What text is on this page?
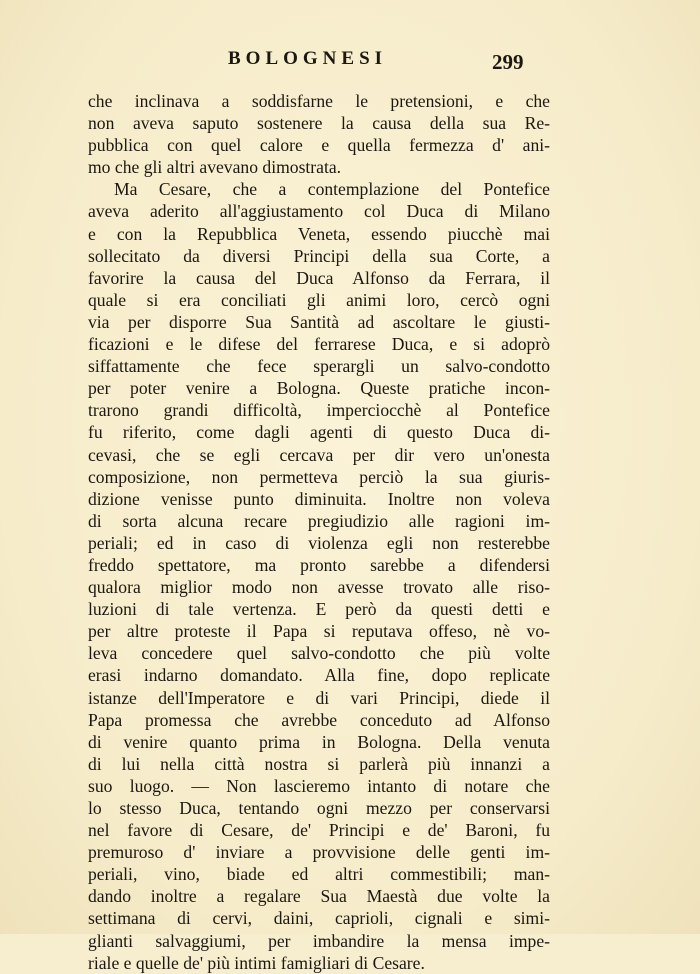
BOLOGNESI	299
che inclinava a soddisfarne le pretensioni, e che
non aveva saputo sostenere la causa della sua Re-
pubblica con quel calore e quella fermezza d' ani-
mo che gli altri avevano dimostrata.
Ma Cesare, che a contemplazione del Pontefice
aveva aderito all'aggiustamento col Duca di Milano
e con la Repubblica Veneta, essendo piucchè mai
sollecitato da diversi Principi della sua Corte, a
favorire la causa del Duca Alfonso da Ferrara, il
quale si era conciliati gli animi loro, cercò ogni
via per disporre Sua Santità ad ascoltare le giusti-
ficazioni e le difese del ferrarese Duca, e si adoprò
siffattamente che fece sperargli un salvo-condotto
per poter venire a Bologna. Queste pratiche incon-
trarono grandi difficoltà, imperciocchè al Pontefice
fu riferito, come dagli agenti di questo Duca di-
cevasi, che se egli cercava per dir vero un'onesta
composizione, non permetteva perciò la sua giuris-
dizione venisse punto diminuita. Inoltre non voleva
di sorta alcuna recare pregiudizio alle ragioni im-
periali; ed in caso di violenza egli non resterebbe
freddo spettatore, ma pronto sarebbe a difendersi
qualora miglior modo non avesse trovato alle riso-
luzioni di tale vertenza. E però da questi detti e
per altre proteste il Papa si reputava offeso, nè vo-
leva concedere quel salvo-condotto che più volte
erasi indarno domandato. Alla fine, dopo replicate
istanze dell'Imperatore e di vari Principi, diede il
Papa promessa che avrebbe conceduto ad Alfonso
di venire quanto prima in Bologna. Della venuta
di lui nella città nostra si parlerà più innanzi a
suo luogo. — Non lascieremo intanto di notare che
lo stesso Duca, tentando ogni mezzo per conservarsi
nel favore di Cesare, de' Principi e de' Baroni, fu
premuroso d' inviare a provvisione delle genti im-
periali, vino, biade ed altri commestibili; man-
dando inoltre a regalare Sua Maestà due volte la
settimana di cervi, daini, caprioli, cignali e simi-
glianti salvaggiumi, per imbandire la mensa impe-
riale e quelle de' più intimi famigliari di Cesare.
